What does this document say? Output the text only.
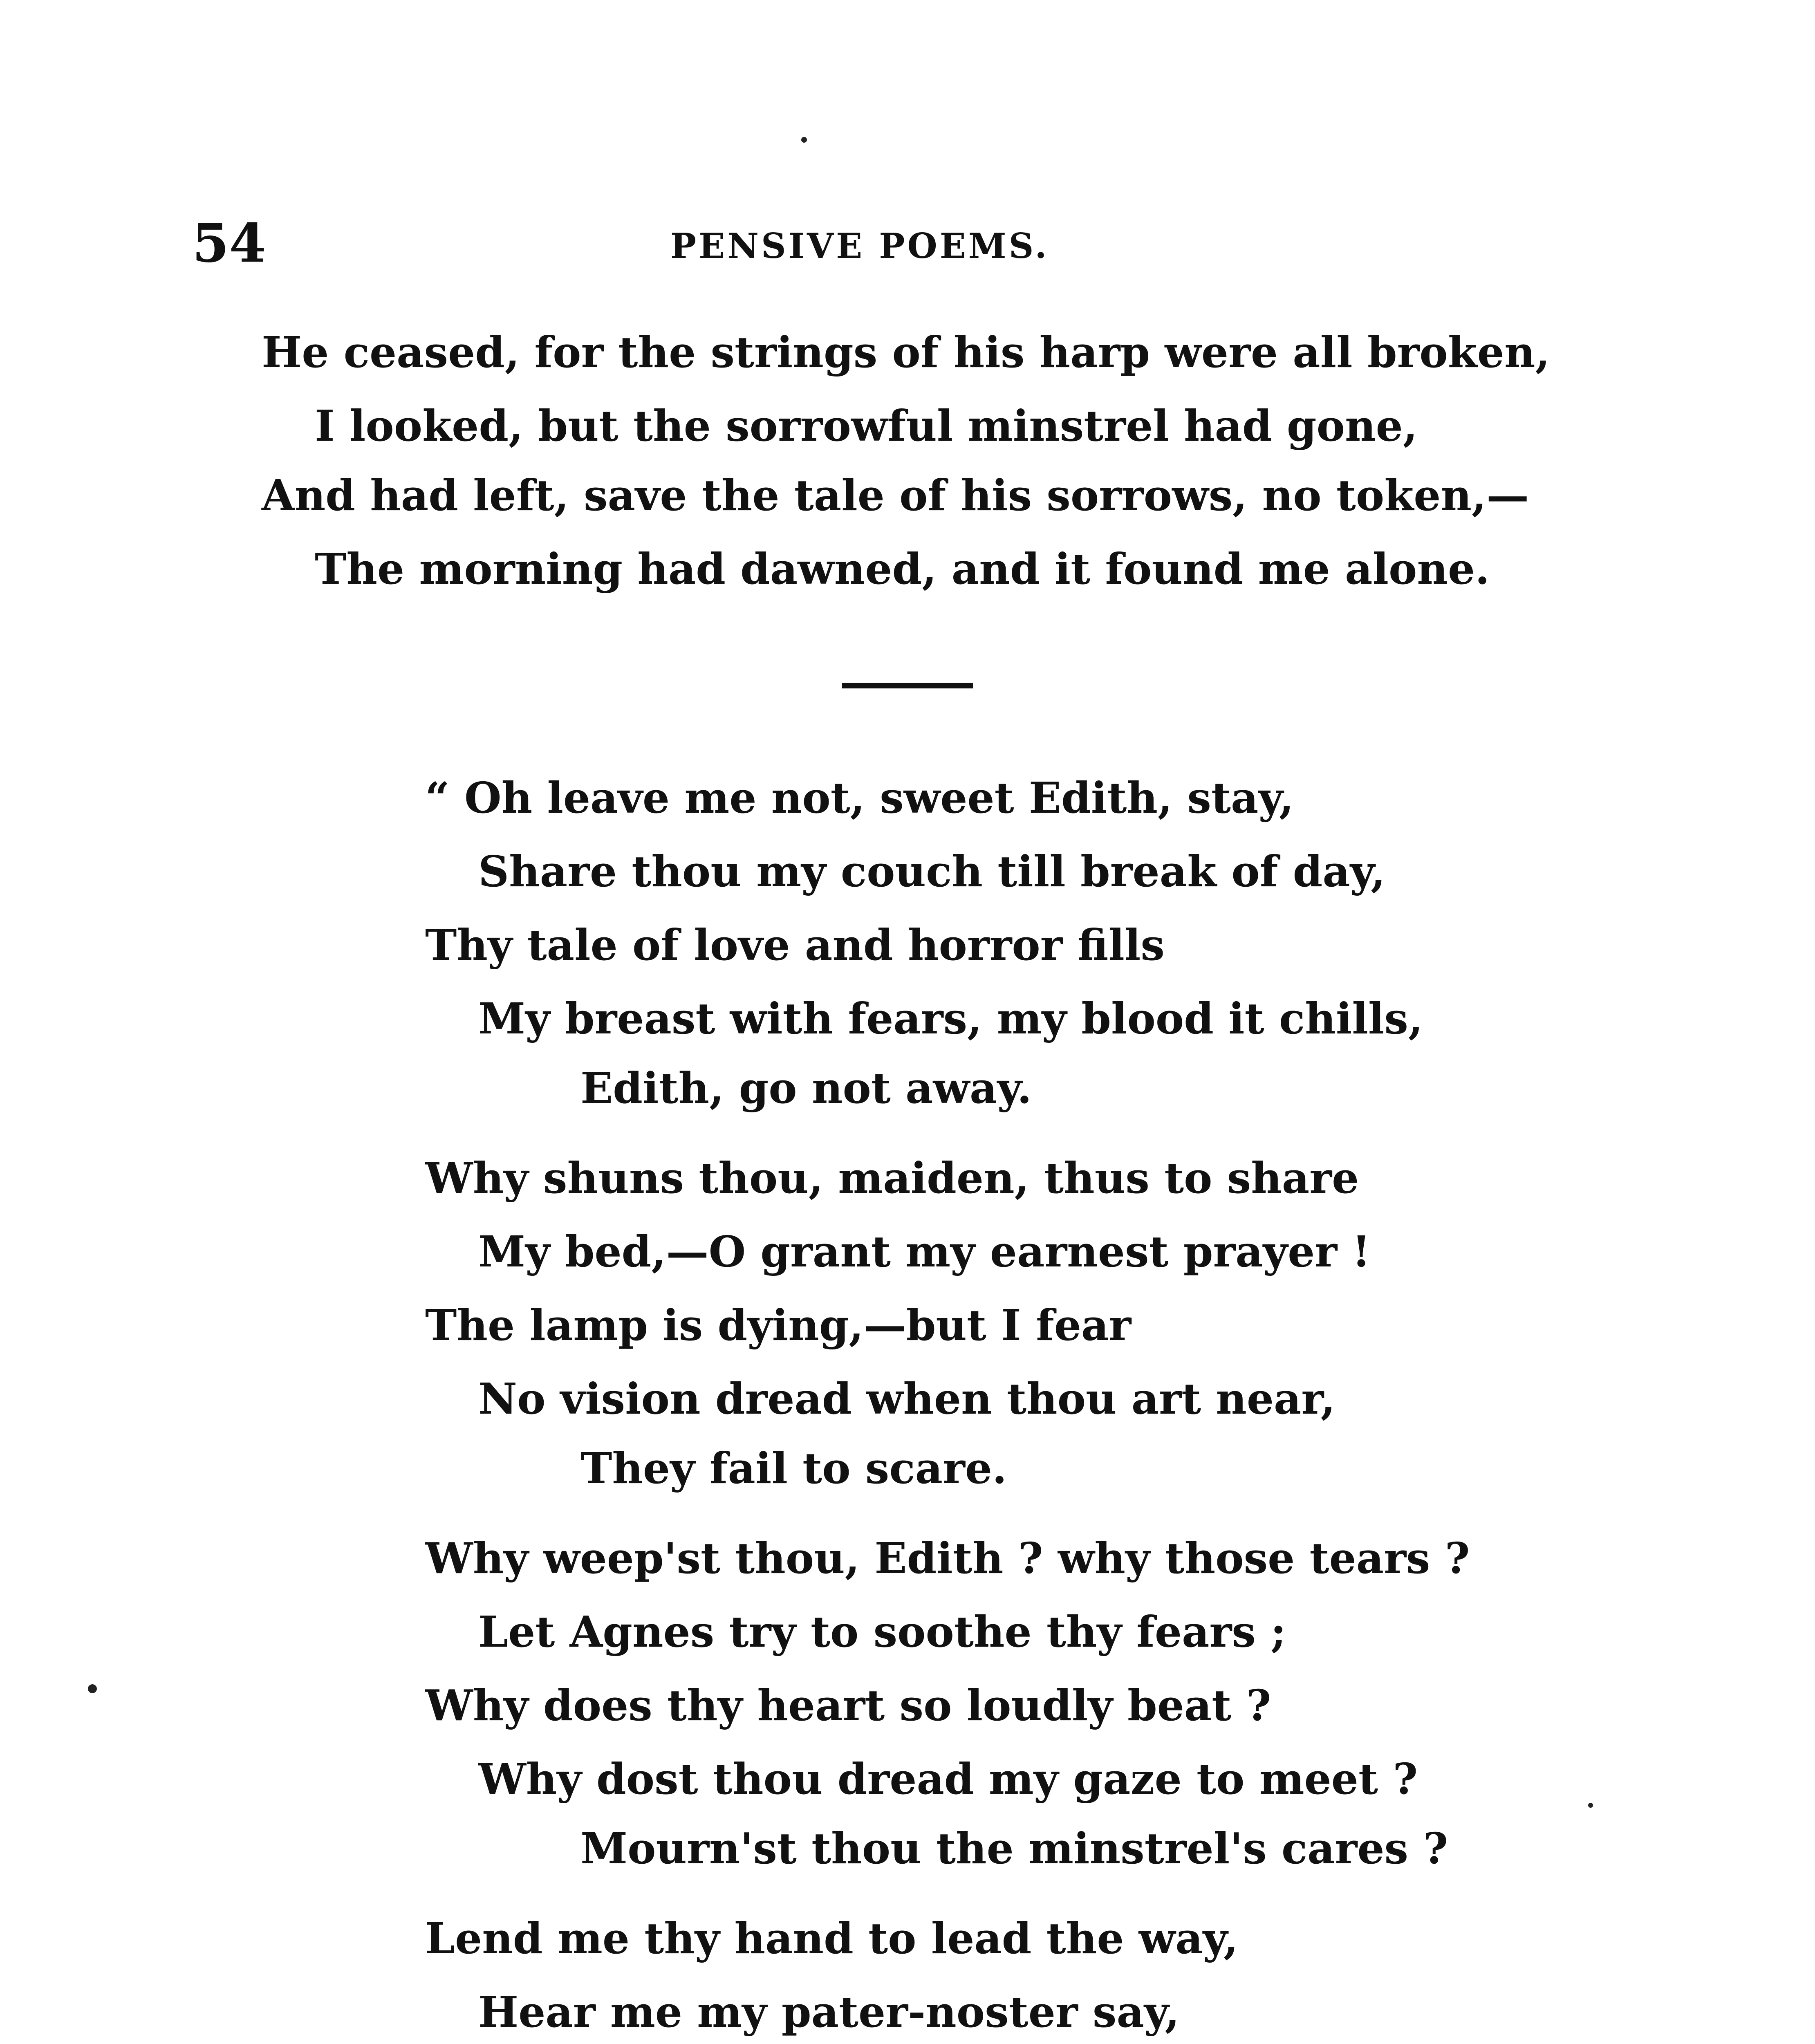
54	PENSIVE POEMS.
He ceased, for the strings of his harp were all broken,
I looked, but the sorrowful minstrel had gone,
And had left, save the tale of his sorrows, no token,—
The morning had dawned, and it found me alone.
“ Oh leave me not, sweet Edith, stay,
Share thou my couch till break of day,
Thy tale of love and horror fills
My breast with fears, my blood it chills,
Edith, go not away.
Why shuns thou, maiden, thus to share
My bed,—O grant my earnest prayer !
The lamp is dying,—but I fear
No vision dread when thou art near,
They fail to scare.
Why weep'st thou, Edith ? why those tears ?
Let Agnes try to soothe thy fears ;
Why does thy heart so loudly beat ?
Why dost thou dread my gaze to meet ?
Mourn'st thou the minstrel's cares ?
Lend me thy hand to lead the way,
Hear me my pater-noster say,
